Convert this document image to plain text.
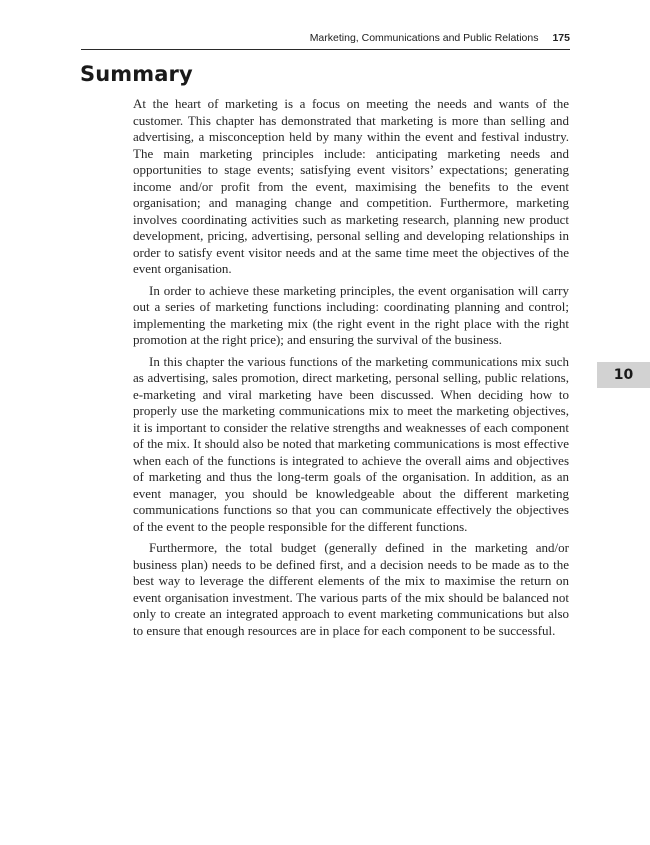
Marketing, Communications and Public Relations 175
Summary

At the heart of marketing is a focus on meeting the needs and wants of the customer. This chapter has demonstrated that marketing is more than selling and advertising, a misconception held by many within the event and festival industry. The main marketing principles include: anticipating marketing needs and opportunities to stage events; satisfying event visitors’ expectations; generating income and/or profit from the event, maximising the benefits to the event organisation; and managing change and competition. Furthermore, marketing involves coordinating activities such as marketing research, planning new product development, pricing, advertising, personal selling and developing relationships in order to satisfy event visitor needs and at the same time meet the objectives of the event organisation.

In order to achieve these marketing principles, the event organisation will carry out a series of marketing functions including: coordinating planning and control; implementing the marketing mix (the right event in the right place with the right promotion at the right price); and ensuring the survival of the business.

In this chapter the various functions of the marketing communications mix such as advertising, sales promotion, direct marketing, personal selling, public relations, e-marketing and viral marketing have been discussed. When deciding how to properly use the marketing communications mix to meet the marketing objectives, it is important to consider the relative strengths and weaknesses of each component of the mix. It should also be noted that marketing communications is most effective when each of the functions is integrated to achieve the overall aims and objectives of marketing and thus the long-term goals of the organisation. In addition, as an event manager, you should be knowledgeable about the different marketing communications functions so that you can communicate effectively the objectives of the event to the people responsible for the different functions.

Furthermore, the total budget (generally defined in the marketing and/or business plan) needs to be defined first, and a decision needs to be made as to the best way to leverage the different elements of the mix to maximise the return on event organisation investment. The various parts of the mix should be balanced not only to create an integrated approach to event marketing communications but also to ensure that enough resources are in place for each component to be successful.

10
